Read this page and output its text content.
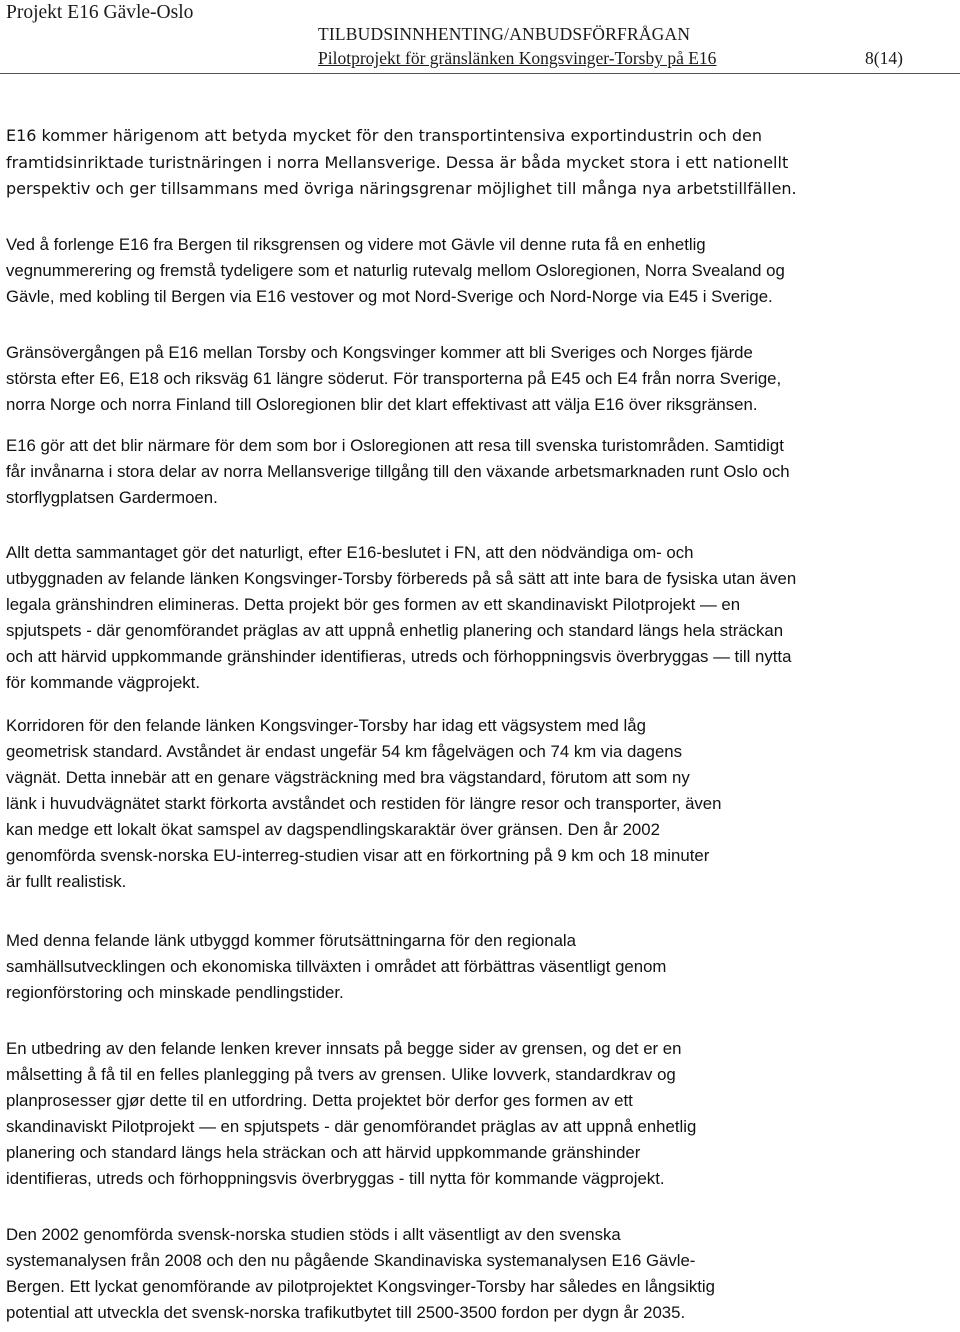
Projekt E16 Gävle-Oslo
TILBUDSINNHENTING/ANBUDSFÖRFRÅGAN
Pilotprojekt för gränslänken Kongsvinger-Torsby på E16	8(14)

E16 kommer härigenom att betyda mycket för den transportintensiva exportindustrin och den
framtidsinriktade turistnäringen i norra Mellansverige. Dessa är båda mycket stora i ett nationellt
perspektiv och ger tillsammans med övriga näringsgrenar möjlighet till många nya arbetstillfällen.

Ved å forlenge E16 fra Bergen til riksgrensen og videre mot Gävle vil denne ruta få en enhetlig
vegnummerering og fremstå tydeligere som et naturlig rutevalg mellom Osloregionen, Norra Svealand og
Gävle, med kobling til Bergen via E16 vestover og mot Nord-Sverige och Nord-Norge via E45 i Sverige.

Gränsövergången på E16 mellan Torsby och Kongsvinger kommer att bli Sveriges och Norges fjärde
största efter E6, E18 och riksväg 61 längre söderut. För transporterna på E45 och E4 från norra Sverige,
norra Norge och norra Finland till Osloregionen blir det klart effektivast att välja E16 över riksgränsen.

E16 gör att det blir närmare för dem som bor i Osloregionen att resa till svenska turistområden. Samtidigt
får invånarna i stora delar av norra Mellansverige tillgång till den växande arbetsmarknaden runt Oslo och
storflygplatsen Gardermoen.

Allt detta sammantaget gör det naturligt, efter E16-beslutet i FN, att den nödvändiga om- och
utbyggnaden av felande länken Kongsvinger-Torsby förbereds på så sätt att inte bara de fysiska utan även
legala gränshindren elimineras. Detta projekt bör ges formen av ett skandinaviskt Pilotprojekt — en
spjutspets - där genomförandet präglas av att uppnå enhetlig planering och standard längs hela sträckan
och att härvid uppkommande gränshinder identifieras, utreds och förhoppningsvis överbryggas — till nytta
för kommande vägprojekt.

Korridoren för den felande länken Kongsvinger-Torsby har idag ett vägsystem med låg
geometrisk standard. Avståndet är endast ungefär 54 km fågelvägen och 74 km via dagens
vägnät. Detta innebär att en genare vägsträckning med bra vägstandard, förutom att som ny
länk i huvudvägnätet starkt förkorta avståndet och restiden för längre resor och transporter, även
kan medge ett lokalt ökat samspel av dagspendlingskaraktär över gränsen. Den år 2002
genomförda svensk-norska EU-interreg-studien visar att en förkortning på 9 km och 18 minuter
är fullt realistisk.

Med denna felande länk utbyggd kommer förutsättningarna för den regionala
samhällsutvecklingen och ekonomiska tillväxten i området att förbättras väsentligt genom
regionförstoring och minskade pendlingstider.

En utbedring av den felande lenken krever innsats på begge sider av grensen, og det er en
målsetting å få til en felles planlegging på tvers av grensen. Ulike lovverk, standardkrav og
planprosesser gjør dette til en utfordring. Detta projektet bör derfor ges formen av ett
skandinaviskt Pilotprojekt — en spjutspets - där genomförandet präglas av att uppnå enhetlig
planering och standard längs hela sträckan och att härvid uppkommande gränshinder
identifieras, utreds och förhoppningsvis överbryggas - till nytta för kommande vägprojekt.

Den 2002 genomförda svensk-norska studien stöds i allt väsentligt av den svenska
systemanalysen från 2008 och den nu pågående Skandinaviska systemanalysen E16 Gävle-
Bergen. Ett lyckat genomförande av pilotprojektet Kongsvinger-Torsby har således en långsiktig
potential att utveckla det svensk-norska trafikutbytet till 2500-3500 fordon per dygn år 2035.
